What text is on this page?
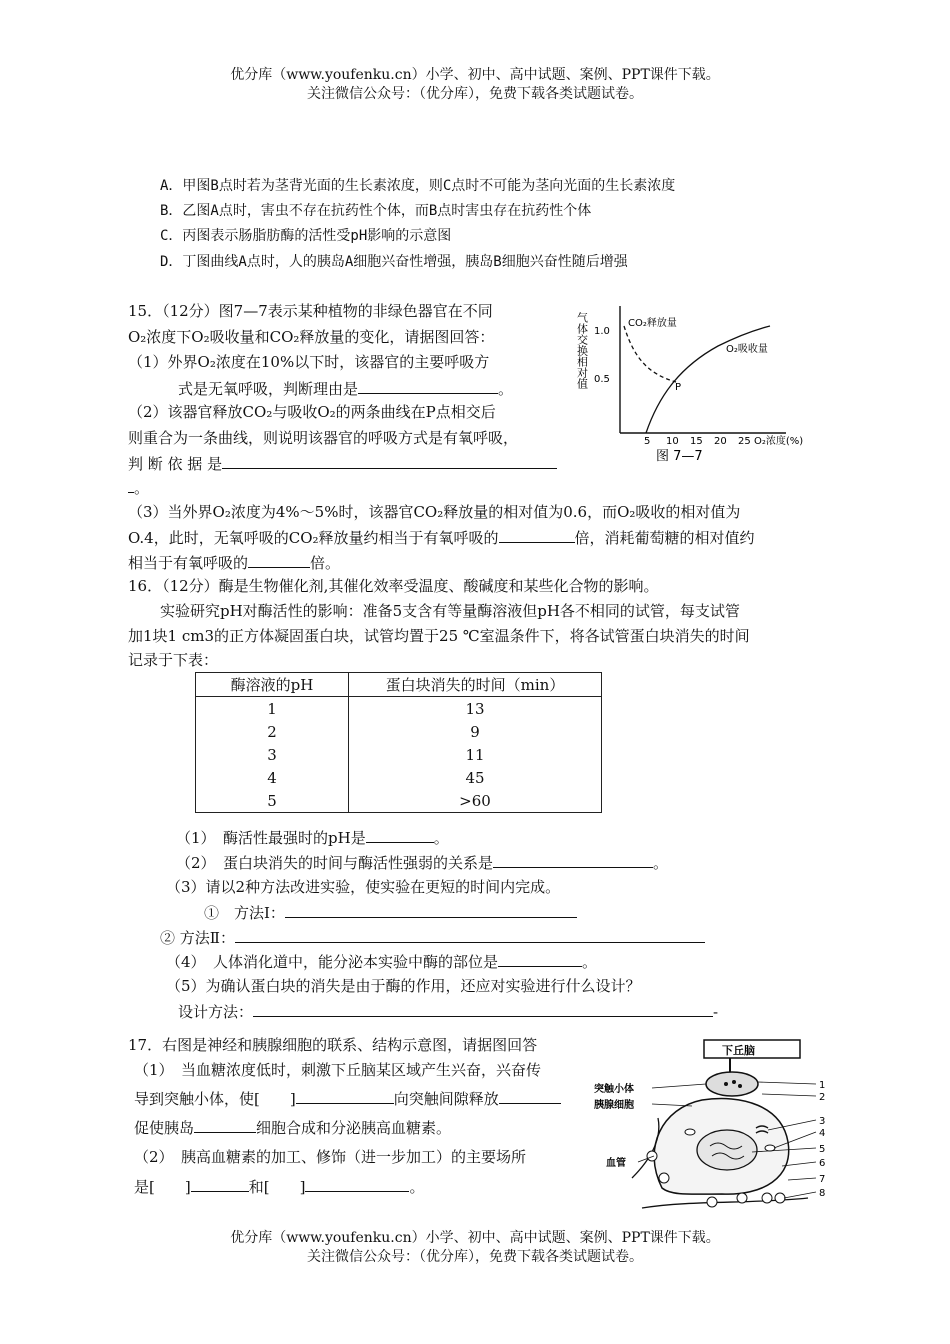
优分库（www.youfenku.cn）小学、初中、高中试题、案例、PPT课件下载。
关注微信公众号：（优分库），免费下载各类试题试卷。
A．甲图B点时若为茎背光面的生长素浓度，则C点时不可能为茎向光面的生长素浓度
B．乙图A点时，害虫不存在抗药性个体，而B点时害虫存在抗药性个体
C．丙图表示肠脂肪酶的活性受pH影响的示意图
D．丁图曲线A点时，人的胰岛A细胞兴奋性增强，胰岛B细胞兴奋性随后增强
15．（12分）图7—7表示某种植物的非绿色器官在不同
O₂浓度下O₂吸收量和CO₂释放量的变化，请据图回答：
（1）外界O₂浓度在10%以下时，该器官的主要呼吸方
式是无氧呼吸，判断理由是	。
（2）该器官释放CO₂与吸收O₂的两条曲线在P点相交后
则重合为一条曲线，则说明该器官的呼吸方式是有氧呼吸，
判 断 依 据 是
。
（3）当外界O₂浓度为4%～5%时，该器官CO₂释放量的相对值为0.6，而O₂吸收的相对值为
O.4，此时，无氧呼吸的CO₂释放量约相当于有氧呼吸的	倍，消耗葡萄糖的相对值约
相当于有氧呼吸的	倍。
气体交换相对值 1.0
0.5
5 10 15 20 25 O₂浓度(%)
CO₂释放量
O₂吸收量
P
图 7—7
16．（12分）酶是生物催化剂,其催化效率受温度、酸碱度和某些化合物的影响。
实验研究pH对酶活性的影响：准备5支含有等量酶溶液但pH各不相同的试管，每支试管
加1块1 cm3的正方体凝固蛋白块，试管均置于25 ℃室温条件下，将各试管蛋白块消失的时间
记录于下表：
酶溶液的pH	蛋白块消失的时间（min）
1	13
2	9
3	11
4	45
5	>60
（1）　酶活性最强时的pH是	。
（2）　蛋白块消失的时间与酶活性强弱的关系是	。
（3）请以2种方法改进实验，使实验在更短的时间内完成。
①　方法Ⅰ：
② 方法Ⅱ：
（4）　人体消化道中，能分泌本实验中酶的部位是	。
（5）为确认蛋白块的消失是由于酶的作用，还应对实验进行什么设计？
设计方法：	-
17．右图是神经和胰腺细胞的联系、结构示意图，请据图回答
（1）　当血糖浓度低时，刺激下丘脑某区域产生兴奋，兴奋传
导到突触小体，使[　　]	向突触间隙释放
促使胰岛	细胞合成和分泌胰高血糖素。
（2）　胰高血糖素的加工、修饰（进一步加工）的主要场所
是[　　]	和[　　]	。
下丘脑
突触小体
胰腺细胞
血管
1
2
3
4
5
6
7
8
优分库（www.youfenku.cn）小学、初中、高中试题、案例、PPT课件下载。
关注微信公众号：（优分库），免费下载各类试题试卷。
